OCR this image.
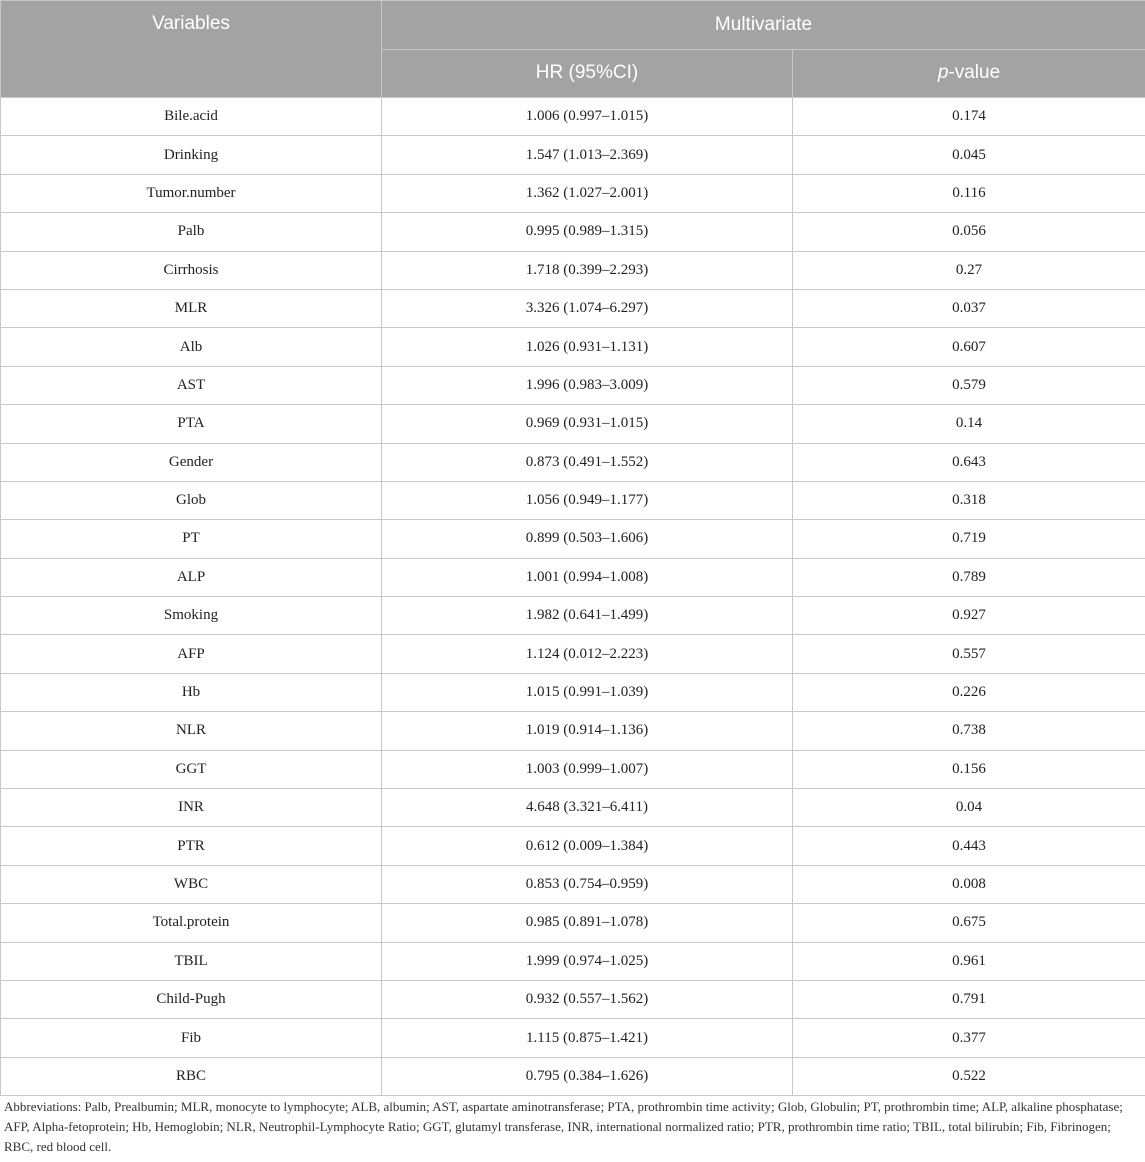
Variables	Multivariate	
	HR (95%CI)	p-value
Bile.acid	1.006 (0.997–1.015)	0.174
Drinking	1.547 (1.013–2.369)	0.045
Tumor.number	1.362 (1.027–2.001)	0.116
Palb	0.995 (0.989–1.315)	0.056
Cirrhosis	1.718 (0.399–2.293)	0.27
MLR	3.326 (1.074–6.297)	0.037
Alb	1.026 (0.931–1.131)	0.607
AST	1.996 (0.983–3.009)	0.579
PTA	0.969 (0.931–1.015)	0.14
Gender	0.873 (0.491–1.552)	0.643
Glob	1.056 (0.949–1.177)	0.318
PT	0.899 (0.503–1.606)	0.719
ALP	1.001 (0.994–1.008)	0.789
Smoking	1.982 (0.641–1.499)	0.927
AFP	1.124 (0.012–2.223)	0.557
Hb	1.015 (0.991–1.039)	0.226
NLR	1.019 (0.914–1.136)	0.738
GGT	1.003 (0.999–1.007)	0.156
INR	4.648 (3.321–6.411)	0.04
PTR	0.612 (0.009–1.384)	0.443
WBC	0.853 (0.754–0.959)	0.008
Total.protein	0.985 (0.891–1.078)	0.675
TBIL	1.999 (0.974–1.025)	0.961
Child-Pugh	0.932 (0.557–1.562)	0.791
Fib	1.115 (0.875–1.421)	0.377
RBC	0.795 (0.384–1.626)	0.522
Abbreviations: Palb, Prealbumin; MLR, monocyte to lymphocyte; ALB, albumin; AST, aspartate aminotransferase; PTA, prothrombin time activity; Glob, Globulin; PT, prothrombin time; ALP, alkaline phosphatase; AFP, Alpha-fetoprotein; Hb, Hemoglobin; NLR, Neutrophil-Lymphocyte Ratio; GGT, glutamyl transferase, INR, international normalized ratio; PTR, prothrombin time ratio; TBIL, total bilirubin; Fib, Fibrinogen; RBC, red blood cell.
